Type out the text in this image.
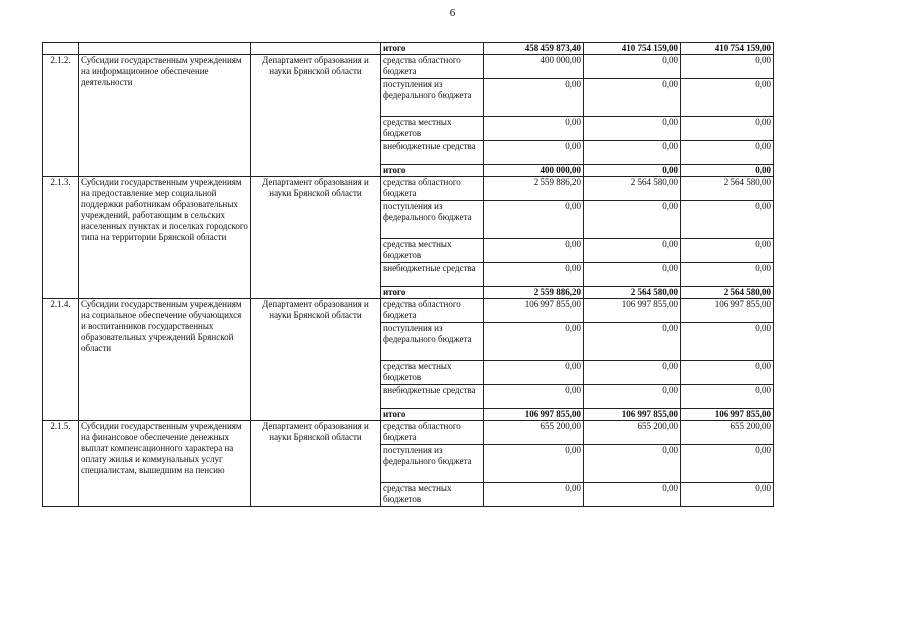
6
			итого	458 459 873,40	410 754 159,00	410 754 159,00
2.1.2.	Субсидии государственным учреждениям на информационное обеспечение деятельности	Департамент образования и науки Брянской области	средства областного бюджета	400 000,00	0,00	0,00
			поступления из федерального бюджета	0,00	0,00	0,00
			средства местных бюджетов	0,00	0,00	0,00
			внебюджетные средства	0,00	0,00	0,00
			итого	400 000,00	0,00	0,00
2.1.3.	Субсидии государственным учреждениям на предоставление мер социальной поддержки работникам образовательных учреждений, работающим в сельских населенных пунктах и поселках городского типа на территории Брянской области	Департамент образования и науки Брянской области	средства областного бюджета	2 559 886,20	2 564 580,00	2 564 580,00
			поступления из федерального бюджета	0,00	0,00	0,00
			средства местных бюджетов	0,00	0,00	0,00
			внебюджетные средства	0,00	0,00	0,00
			итого	2 559 886,20	2 564 580,00	2 564 580,00
2.1.4.	Субсидии государственным учреждениям на социальное обеспечение обучающихся и воспитанников государственных образовательных учреждений Брянской области	Департамент образования и науки Брянской области	средства областного бюджета	106 997 855,00	106 997 855,00	106 997 855,00
			поступления из федерального бюджета	0,00	0,00	0,00
			средства местных бюджетов	0,00	0,00	0,00
			внебюджетные средства	0,00	0,00	0,00
			итого	106 997 855,00	106 997 855,00	106 997 855,00
2.1.5.	Субсидии государственным учреждениям на финансовое обеспечение денежных выплат компенсационного характера на оплату жилья и коммунальных услуг специалистам, вышедшим на пенсию	Департамент образования и науки Брянской области	средства областного бюджета	655 200,00	655 200,00	655 200,00
			поступления из федерального бюджета	0,00	0,00	0,00
			средства местных бюджетов	0,00	0,00	0,00
